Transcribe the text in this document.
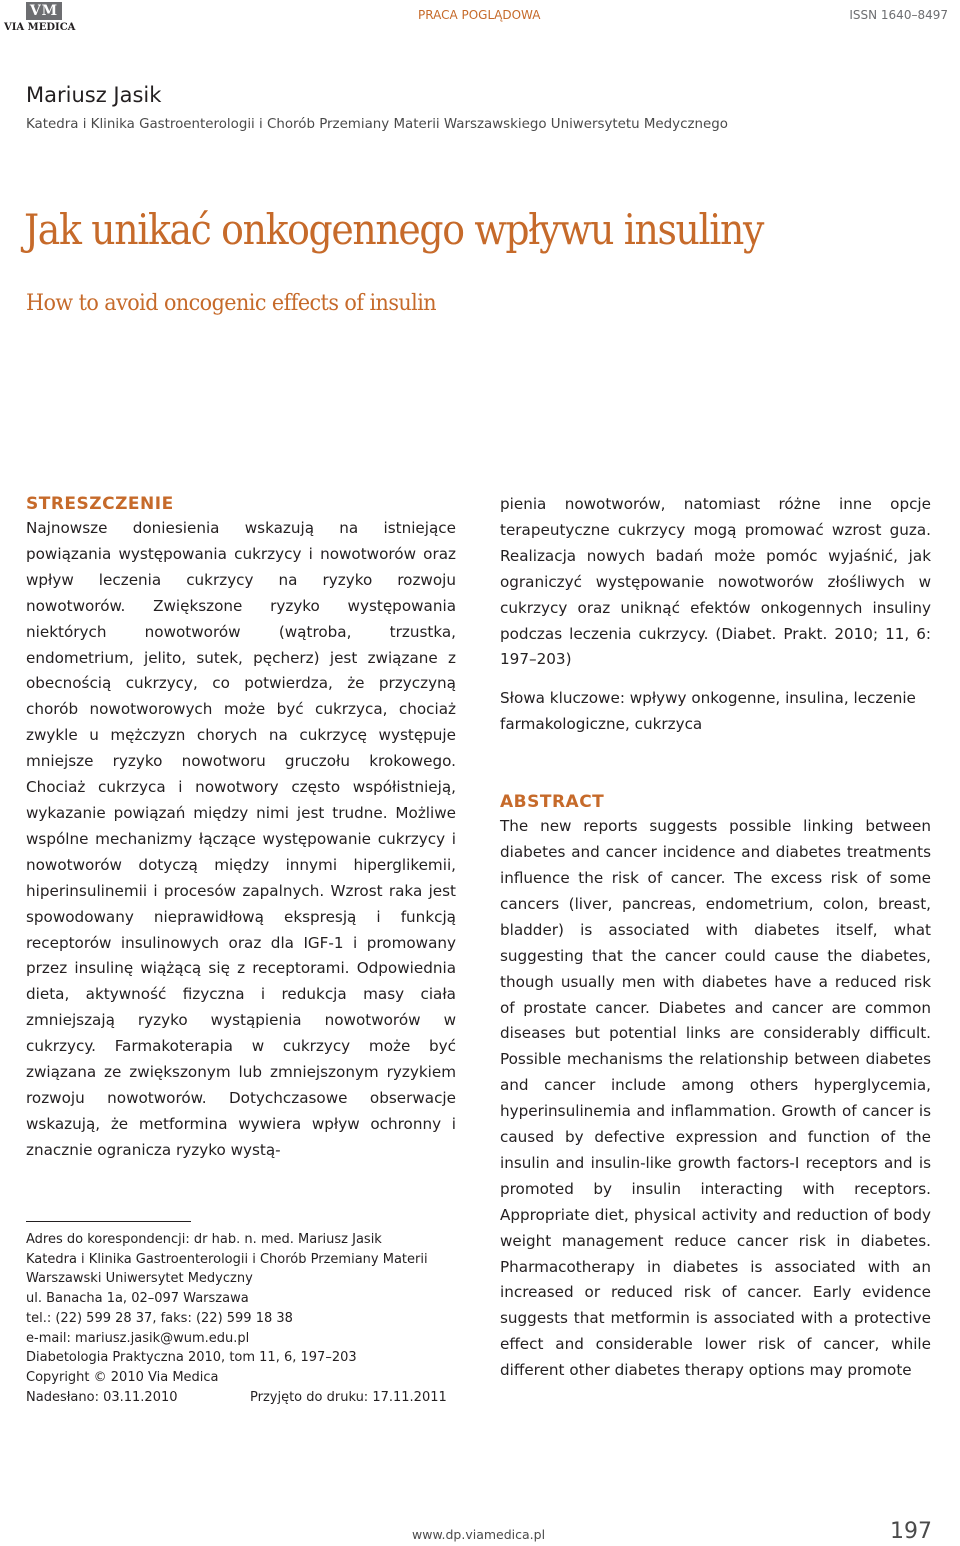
VM
VIA MEDICA
PRACA POGLĄDOWA	ISSN 1640–8497
Mariusz Jasik
Katedra i Klinika Gastroenterologii i Chorób Przemiany Materii Warszawskiego Uniwersytetu Medycznego
Jak unikać onkogennego wpływu insuliny
How to avoid oncogenic effects of insulin
STRESZCZENIE

Najnowsze doniesienia wskazują na istniejące powiązania występowania cukrzycy i nowotworów oraz wpływ leczenia cukrzycy na ryzyko rozwoju nowotworów. Zwiększone ryzyko występowania niektórych nowotworów (wątroba, trzustka, endometrium, jelito, sutek, pęcherz) jest związane z obecnością cukrzycy, co potwierdza, że przyczyną chorób nowotworowych może być cukrzyca, chociaż zwykle u mężczyzn chorych na cukrzycę występuje mniejsze ryzyko nowotworu gruczołu krokowego. Chociaż cukrzyca i nowotwory często współistnieją, wykazanie powiązań między nimi jest trudne. Możliwe wspólne mechanizmy łączące występowanie cukrzycy i nowotworów dotyczą między innymi hiperglikemii, hiperinsulinemii i procesów zapalnych. Wzrost raka jest spowodowany nieprawidłową ekspresją i funkcją receptorów insulinowych oraz dla IGF-1 i promowany przez insulinę wiążącą się z receptorami. Odpowiednia dieta, aktywność fizyczna i redukcja masy ciała zmniejszają ryzyko wystąpienia nowotworów w cukrzycy. Farmakoterapia w cukrzycy może być związana ze zwiększonym lub zmniejszonym ryzykiem rozwoju nowotworów. Dotychczasowe obserwacje wskazują, że metformina wywiera wpływ ochronny i znacznie ogranicza ryzyko wystą-

pienia nowotworów, natomiast różne inne opcje terapeutyczne cukrzycy mogą promować wzrost guza. Realizacja nowych badań może pomóc wyjaśnić, jak ograniczyć występowanie nowotworów złośliwych w cukrzycy oraz uniknąć efektów onkogennych insuliny podczas leczenia cukrzycy. (Diabet. Prakt. 2010; 11, 6: 197–203)

Słowa kluczowe: wpływy onkogenne, insulina, leczenie farmakologiczne, cukrzyca

ABSTRACT

The new reports suggests possible linking between diabetes and cancer incidence and diabetes treatments influence the risk of cancer. The excess risk of some cancers (liver, pancreas, endometrium, colon, breast, bladder) is associated with diabetes itself, what suggesting that the cancer could cause the diabetes, though usually men with diabetes have a reduced risk of prostate cancer. Diabetes and cancer are common diseases but potential links are considerably difficult. Possible mechanisms the relationship between diabetes and cancer include among others hyperglycemia, hyperinsulinemia and inflammation. Growth of cancer is caused by defective expression and function of the insulin and insulin-like growth factors-I receptors and is promoted by insulin interacting with receptors. Appropriate diet, physical activity and reduction of body weight management reduce cancer risk in diabetes. Pharmacotherapy in diabetes is associated with an increased or reduced risk of cancer. Early evidence suggests that metformin is associated with a protective effect and considerable lower risk of cancer, while different other diabetes therapy options may promote

Adres do korespondencji: dr hab. n. med. Mariusz Jasik
Katedra i Klinika Gastroenterologii i Chorób Przemiany Materii
Warszawski Uniwersytet Medyczny
ul. Banacha 1a, 02–097 Warszawa
tel.: (22) 599 28 37, faks: (22) 599 18 38
e-mail: mariusz.jasik@wum.edu.pl
Diabetologia Praktyczna 2010, tom 11, 6, 197–203
Copyright © 2010 Via Medica
Nadesłano: 03.11.2010	Przyjęto do druku: 17.11.2011
www.dp.viamedica.pl	197
